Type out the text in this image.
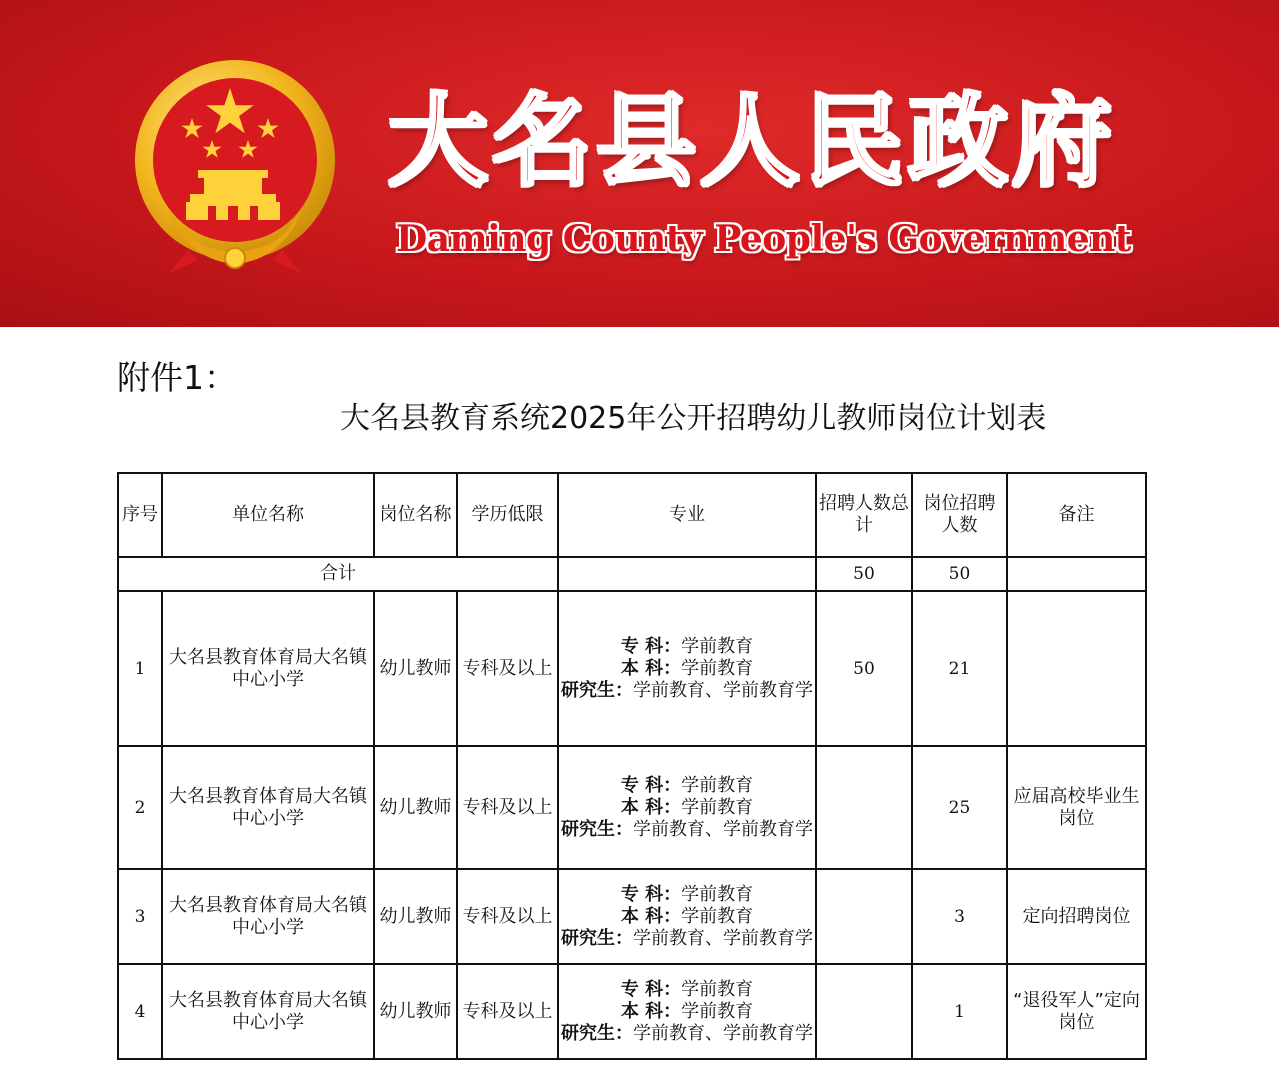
大名县人民政府
Daming County People's Government
附件1：
大名县教育系统2025年公开招聘幼儿教师岗位计划表
序号	单位名称	岗位名称	学历低限	专业	招聘人数总计	岗位招聘人数	备注
合计					50	50	
1	大名县教育体育局大名镇中心小学	幼儿教师	专科及以上	专 科：学前教育
本 科：学前教育
研究生：学前教育、学前教育学	50	21	
2	大名县教育体育局大名镇中心小学	幼儿教师	专科及以上	专 科：学前教育
本 科：学前教育
研究生：学前教育、学前教育学		25	应届高校毕业生岗位
3	大名县教育体育局大名镇中心小学	幼儿教师	专科及以上	专 科：学前教育
本 科：学前教育
研究生：学前教育、学前教育学		3	定向招聘岗位
4	大名县教育体育局大名镇中心小学	幼儿教师	专科及以上	专 科：学前教育
本 科：学前教育
研究生：学前教育、学前教育学		1	“退役军人”定向岗位
